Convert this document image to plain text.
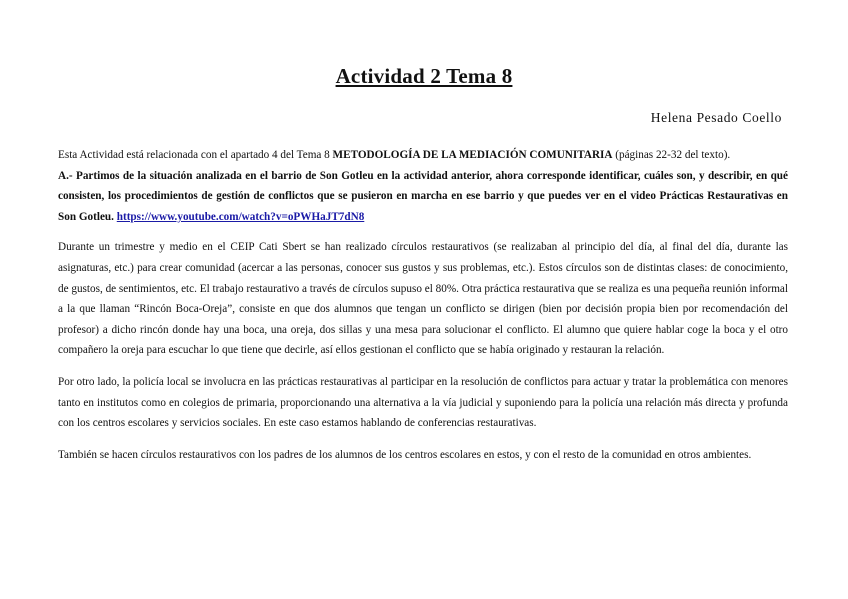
Actividad 2 Tema 8
Helena Pesado Coello

Esta Actividad está relacionada con el apartado 4 del Tema 8 METODOLOGÍA DE LA MEDIACIÓN COMUNITARIA (páginas 22-32 del texto).

A.- Partimos de la situación analizada en el barrio de Son Gotleu en la actividad anterior, ahora corresponde identificar, cuáles son, y describir, en qué consisten, los procedimientos de gestión de conflictos que se pusieron en marcha en ese barrio y que puedes ver en el video Prácticas Restaurativas en Son Gotleu. https://www.youtube.com/watch?v=oPWHaJT7dN8

Durante un trimestre y medio en el CEIP Cati Sbert se han realizado círculos restaurativos (se realizaban al principio del día, al final del día, durante las asignaturas, etc.) para crear comunidad (acercar a las personas, conocer sus gustos y sus problemas, etc.). Estos círculos son de distintas clases: de conocimiento, de gustos, de sentimientos, etc. El trabajo restaurativo a través de círculos supuso el 80%. Otra práctica restaurativa que se realiza es una pequeña reunión informal a la que llaman “Rincón Boca-Oreja”, consiste en que dos alumnos que tengan un conflicto se dirigen (bien por decisión propia bien por recomendación del profesor) a dicho rincón donde hay una boca, una oreja, dos sillas y una mesa para solucionar el conflicto. El alumno que quiere hablar coge la boca y el otro compañero la oreja para escuchar lo que tiene que decirle, así ellos gestionan el conflicto que se había originado y restauran la relación.

Por otro lado, la policía local se involucra en las prácticas restaurativas al participar en la resolución de conflictos para actuar y tratar la problemática con menores tanto en institutos como en colegios de primaria, proporcionando una alternativa a la vía judicial y suponiendo para la policía una relación más directa y profunda con los centros escolares y servicios sociales. En este caso estamos hablando de conferencias restaurativas.

También se hacen círculos restaurativos con los padres de los alumnos de los centros escolares en estos, y con el resto de la comunidad en otros ambientes.
